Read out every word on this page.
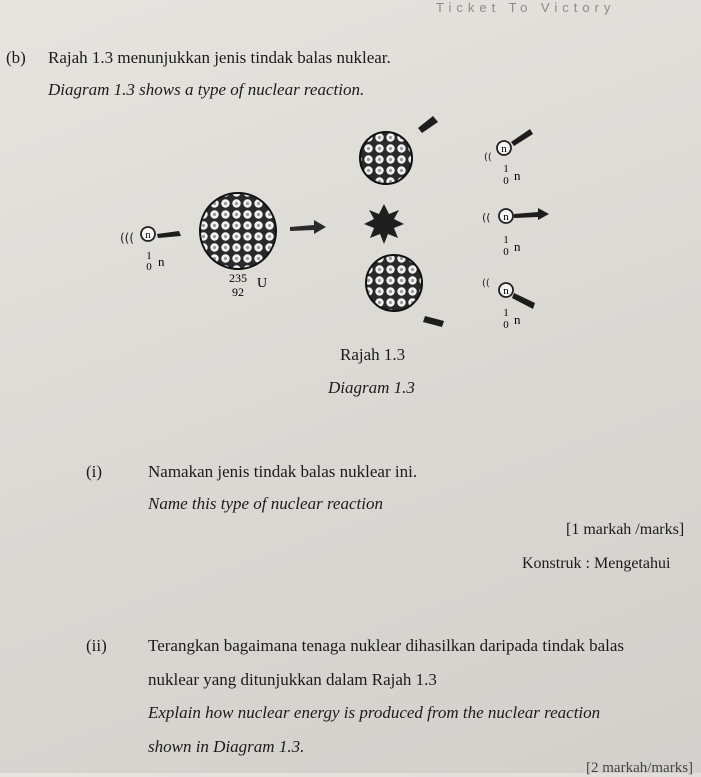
Ticket To Victory
(b) Rajah 1.3 menunjukkan jenis tindak balas nuklear.
Diagram 1.3 shows a type of nuclear reaction.
((( n
1
0 n
235
92
U
((
n
1
0 n
(( n
1
0 n
((
n
1
0 n
Rajah 1.3
Diagram 1.3
(i)	Namakan jenis tindak balas nuklear ini.
Name this type of nuclear reaction
[1 markah /marks]
Konstruk : Mengetahui
(ii) Terangkan bagaimana tenaga nuklear dihasilkan daripada tindak balas
nuklear yang ditunjukkan dalam Rajah 1.3
Explain how nuclear energy is produced from the nuclear reaction
shown in Diagram 1.3.
[2 markah/marks]
